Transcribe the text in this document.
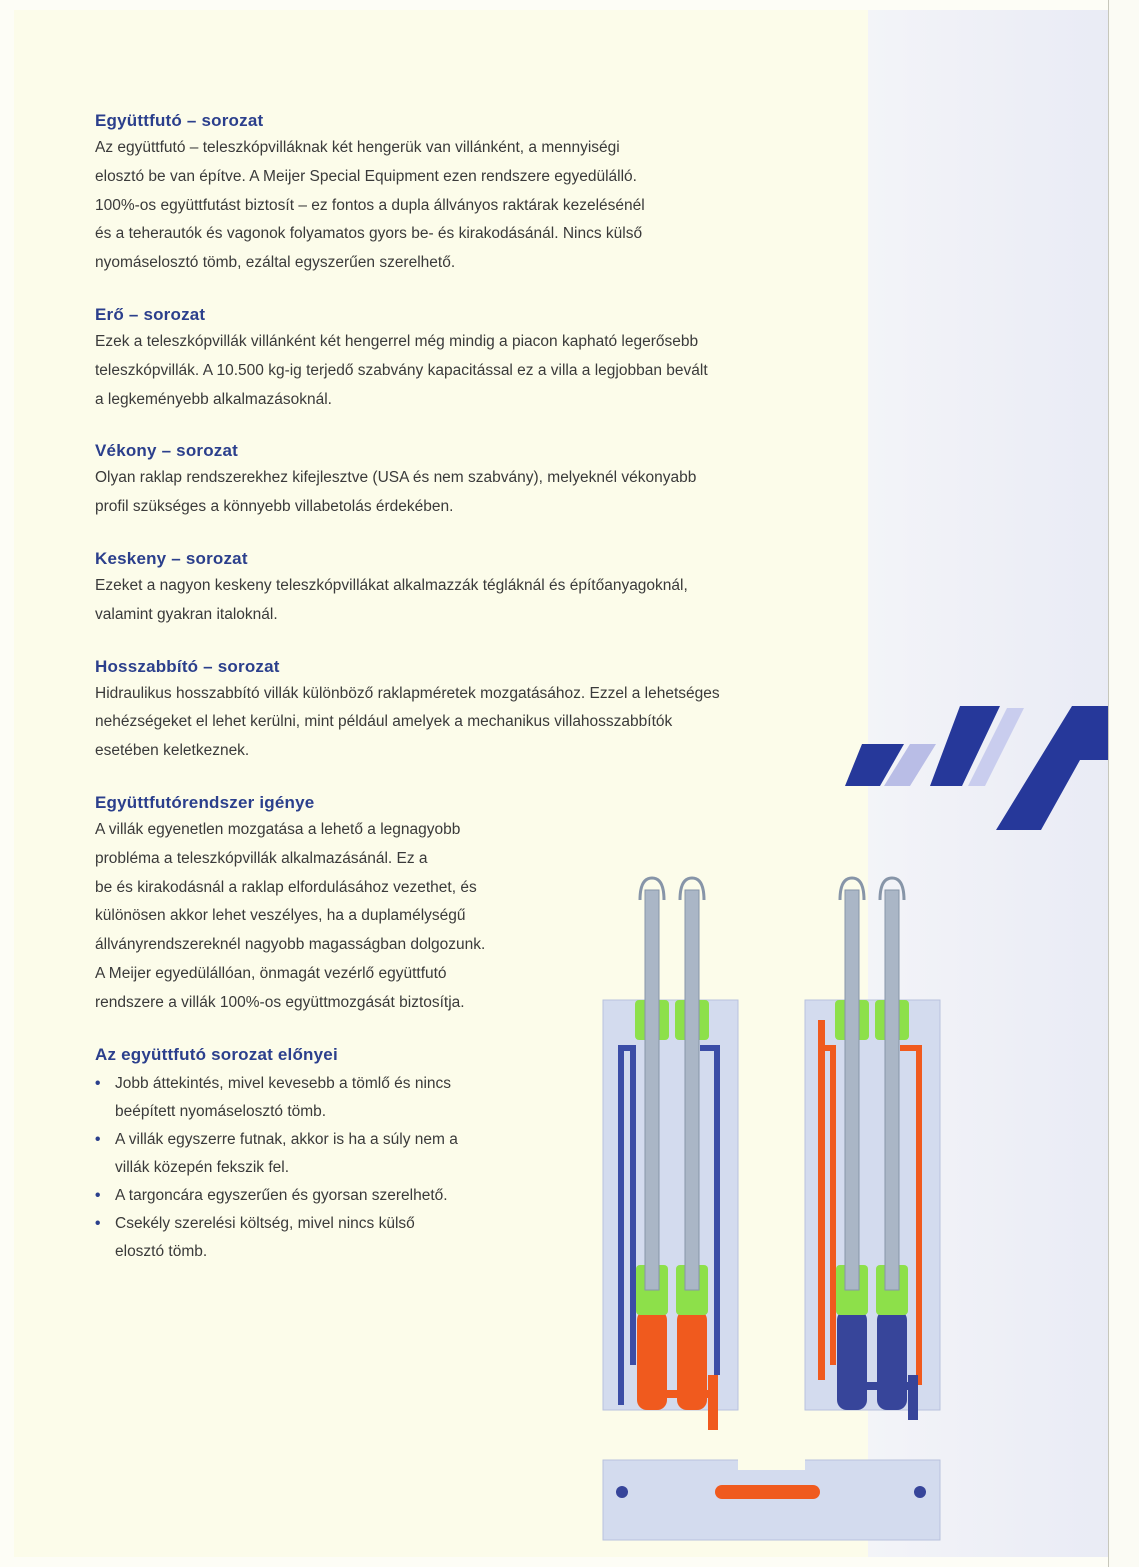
Együttfutó – sorozat

Az együttfutó – teleszkópvilláknak két hengerük van villánként, a mennyiségi
elosztó be van építve. A Meijer Special Equipment ezen rendszere egyedülálló.
100%-os együttfutást biztosít – ez fontos a dupla állványos raktárak kezelésénél
és a teherautók és vagonok folyamatos gyors be- és kirakodásánál. Nincs külső
nyomáselosztó tömb, ezáltal egyszerűen szerelhető.

Erő – sorozat

Ezek a teleszkópvillák villánként két hengerrel még mindig a piacon kapható legerősebb
teleszkópvillák. A 10.500 kg-ig terjedő szabvány kapacitással ez a villa a legjobban bevált
a legkeményebb alkalmazásoknál.

Vékony – sorozat

Olyan raklap rendszerekhez kifejlesztve (USA és nem szabvány), melyeknél vékonyabb
profil szükséges a könnyebb villabetolás érdekében.

Keskeny – sorozat

Ezeket a nagyon keskeny teleszkópvillákat alkalmazzák tégláknál és építőanyagoknál,
valamint gyakran italoknál.

Hosszabbító – sorozat

Hidraulikus hosszabbító villák különböző raklapméretek mozgatásához. Ezzel a lehetséges
nehézségeket el lehet kerülni, mint például amelyek a mechanikus villahosszabbítók
esetében keletkeznek.

Együttfutórendszer igénye

A villák egyenetlen mozgatása a lehető a legnagyobb
probléma a teleszkópvillák alkalmazásánál. Ez a
be és kirakodásnál a raklap elfordulásához vezethet, és
különösen akkor lehet veszélyes, ha a duplamélységű
állványrendszereknél nagyobb magasságban dolgozunk.
A Meijer egyedülállóan, önmagát vezérlő együttfutó
rendszere a villák 100%-os együttmozgását biztosítja.

Az együttfutó sorozat előnyei
• Jobb áttekintés, mivel kevesebb a tömlő és nincs
beépített nyomáselosztó tömb.
• A villák egyszerre futnak, akkor is ha a súly nem a
villák közepén fekszik fel.
• A targoncára egyszerűen és gyorsan szerelhető.
• Csekély szerelési költség, mivel nincs külső
elosztó tömb.
